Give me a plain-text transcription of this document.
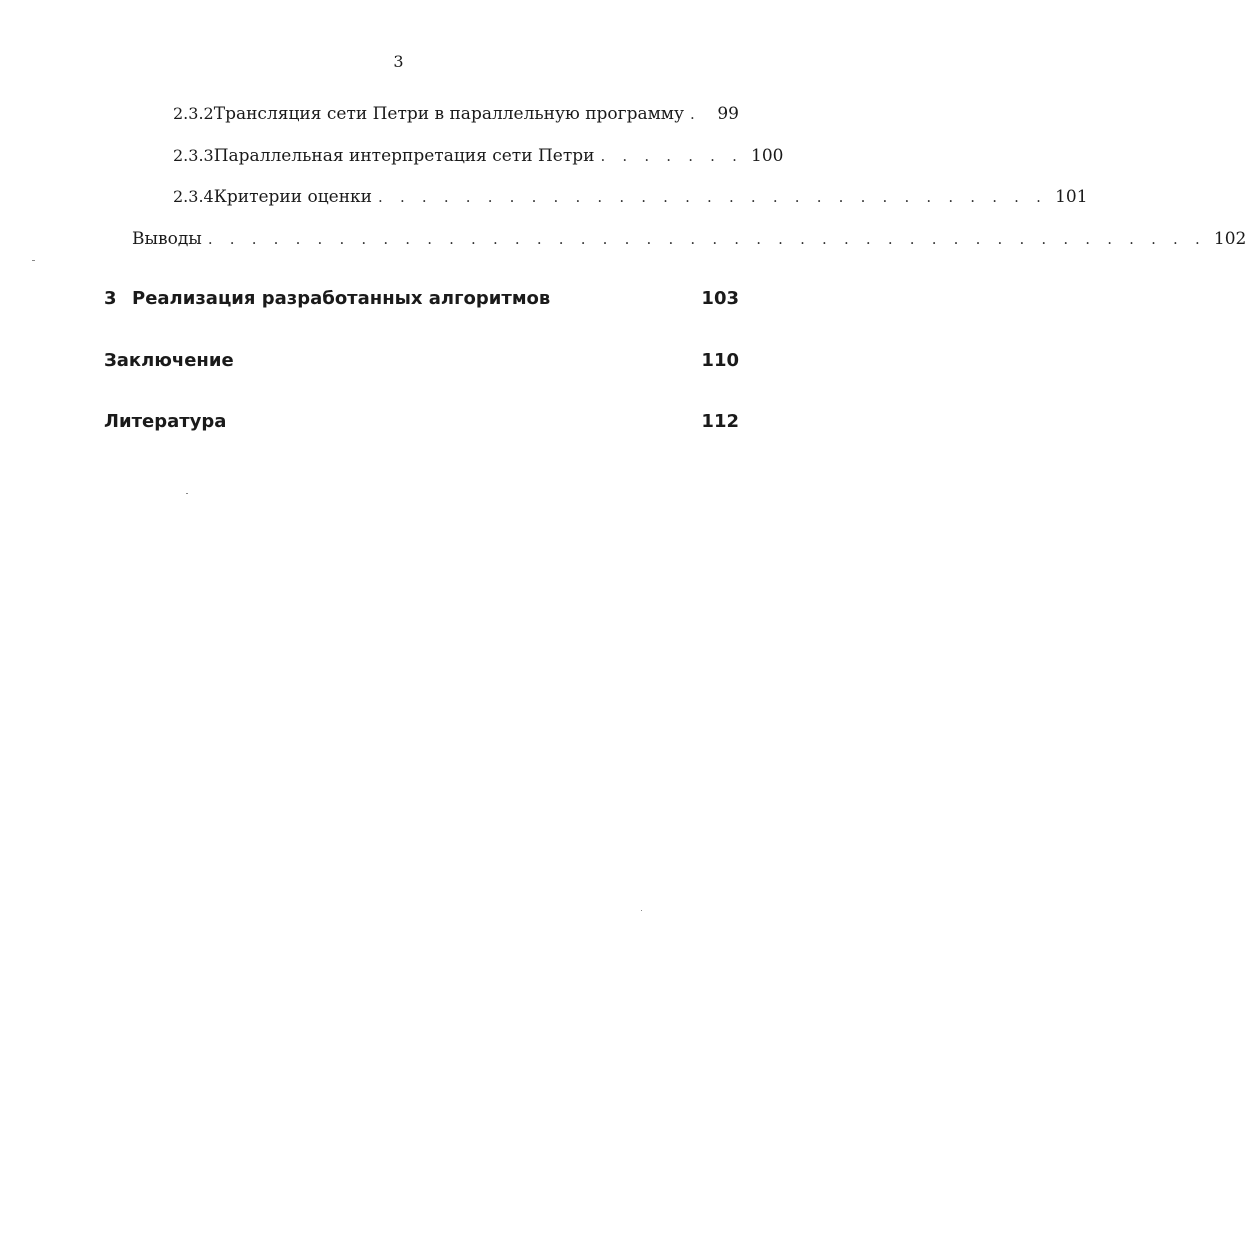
3
2.3.2 Трансляция сети Петри в параллельную программу . 99
2.3.3 Параллельная интерпретация сети Петри . . . . . . . 100
2.3.4 Критерии оценки . . . . . . . . . . . . . . . . . . . . . . . . . . . . . . . 101
Выводы . . . . . . . . . . . . . . . . . . . . . . . . . . . . . . . . . . . . . . . . . . . . . . 102
3 Реализация разработанных алгоритмов	103
Заключение	110
Литература	112
